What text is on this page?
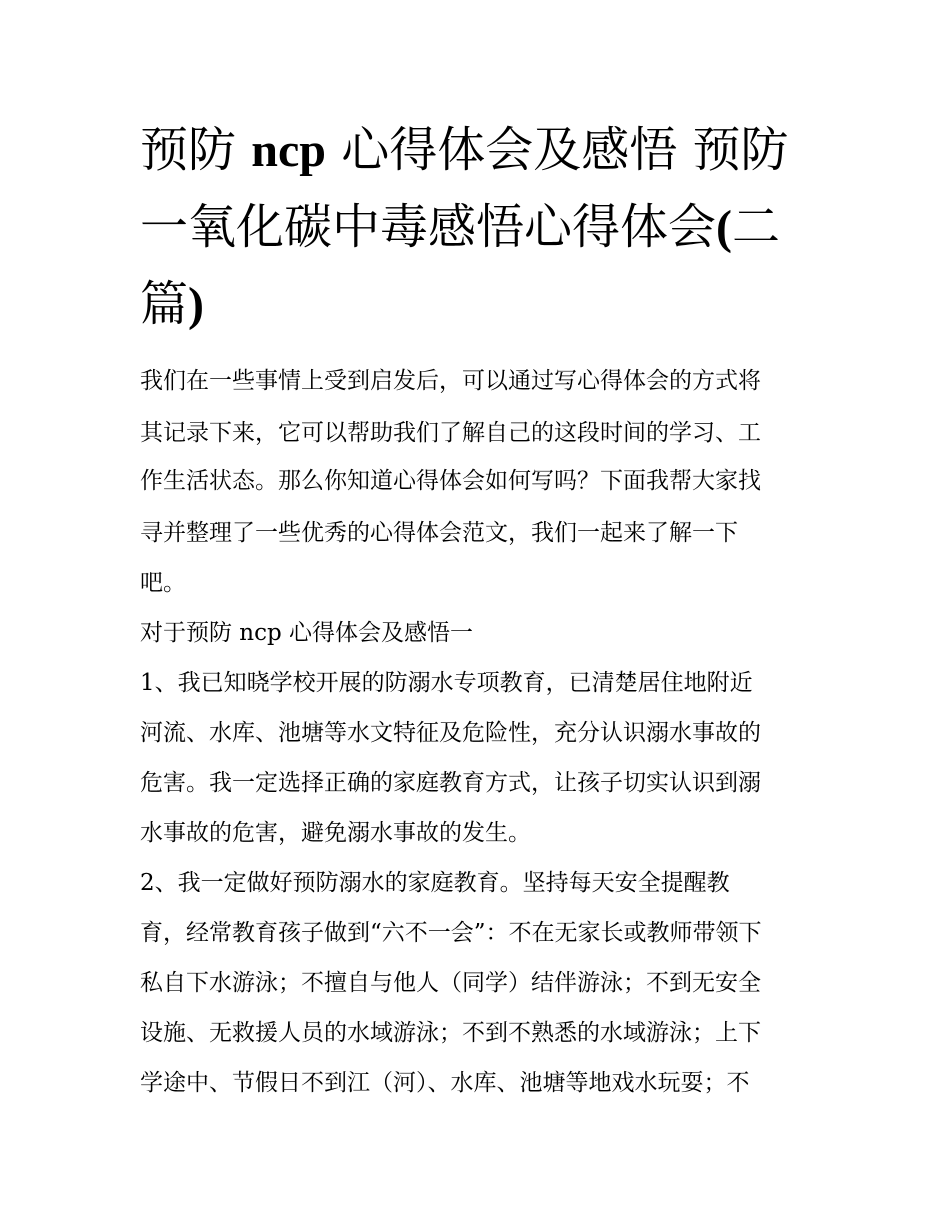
预防 ncp 心得体会及感悟 预防
一氧化碳中毒感悟心得体会(二
篇)

我们在一些事情上受到启发后，可以通过写心得体会的方式将

其记录下来，它可以帮助我们了解自己的这段时间的学习、工

作生活状态。那么你知道心得体会如何写吗？下面我帮大家找

寻并整理了一些优秀的心得体会范文，我们一起来了解一下

吧。

对于预防 ncp 心得体会及感悟一

1、我已知晓学校开展的防溺水专项教育，已清楚居住地附近

河流、水库、池塘等水文特征及危险性，充分认识溺水事故的

危害。我一定选择正确的家庭教育方式，让孩子切实认识到溺

水事故的危害，避免溺水事故的发生。

2、我一定做好预防溺水的家庭教育。坚持每天安全提醒教

育，经常教育孩子做到“六不一会”：不在无家长或教师带领下

私自下水游泳；不擅自与他人（同学）结伴游泳；不到无安全

设施、无救援人员的水域游泳；不到不熟悉的水域游泳；上下

学途中、节假日不到江（河）、水库、池塘等地戏水玩耍；不
